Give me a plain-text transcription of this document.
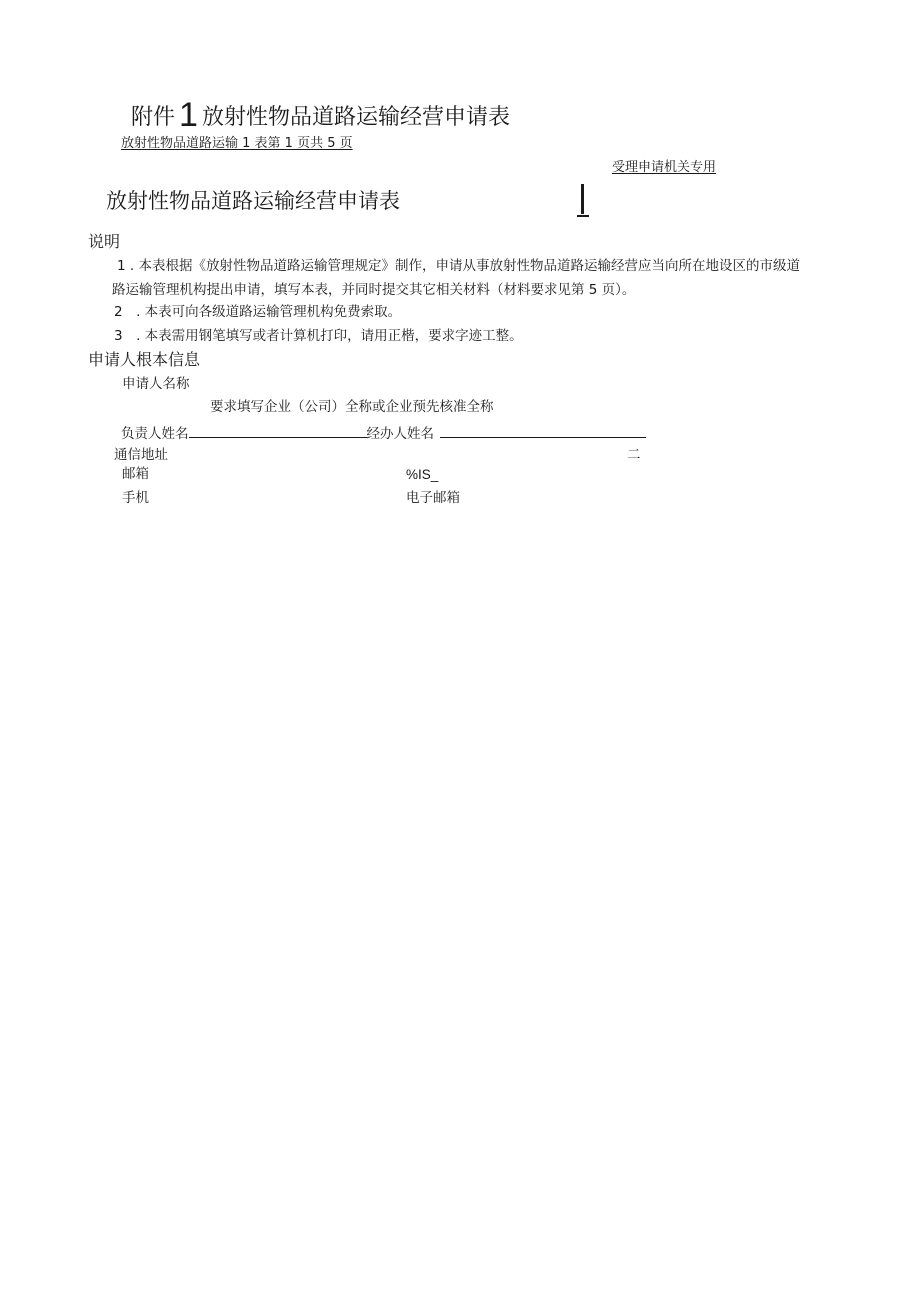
附件 1 放射性物品道路运输经营申请表
放射性物品道路运输 1 表第 1 页共 5 页
受理申请机关专用
放射性物品道路运输经营申请表
说明
1 . 本表根据《放射性物品道路运输管理规定》制作，申请从事放射性物品道路运输经营应当向所在地设区的市级道
路运输管理机构提出申请，填写本表，并同时提交其它相关材料（材料要求见第 5 页）。
2　. 本表可向各级道路运输管理机构免费索取。
3　. 本表需用钢笔填写或者计算机打印，请用正楷，要求字迹工整。
申请人根本信息
申请人名称
要求填写企业（公司）全称或企业预先核准全称
负责人姓名	经办人姓名
通信地址	二
邮箱	%IS_
手机	电子邮箱
